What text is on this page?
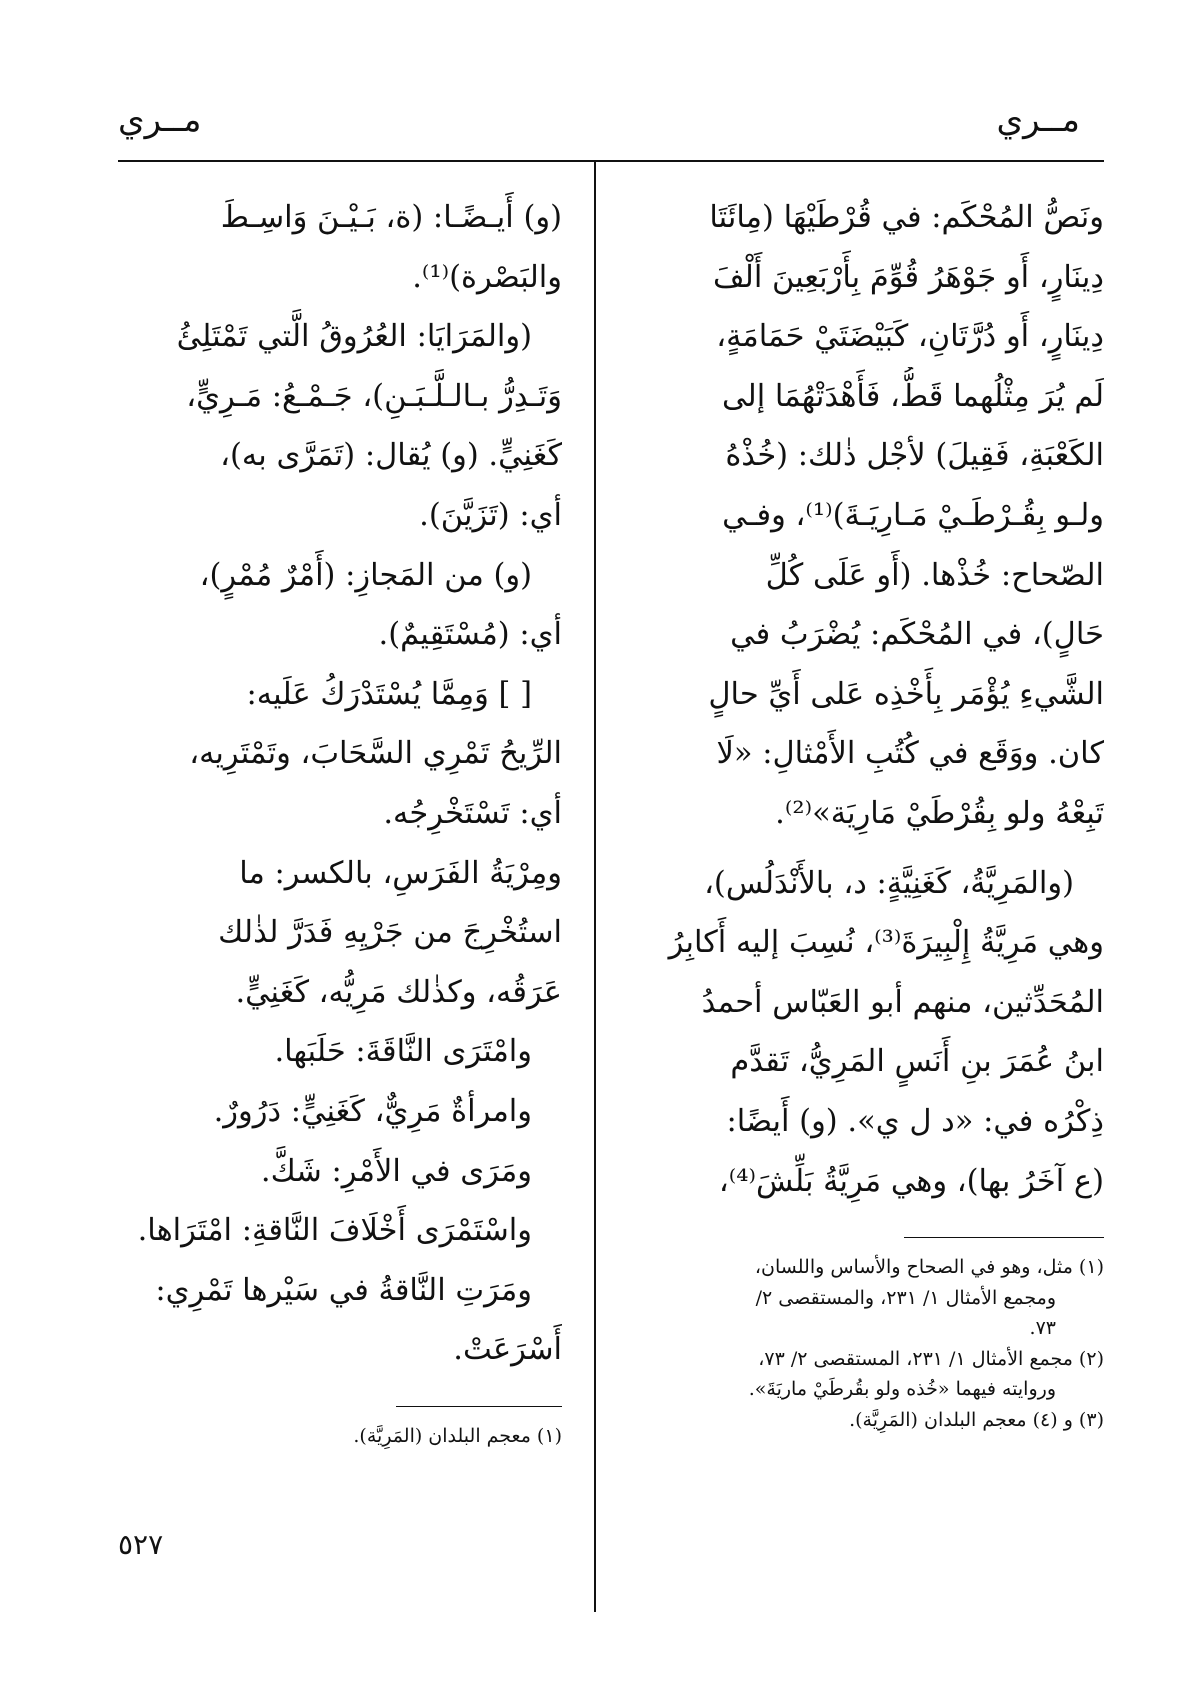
مــري
مــري
ونَصُّ المُحْكَم: في قُرْطَيْهَا (مِائَتَا
دِينَارٍ، أَو جَوْهَرُ قُوِّمَ بِأَرْبَعِينَ أَلْفَ
دِينَارٍ، أَو دُرَّتَانِ، كَبَيْضَتَيْ حَمَامَةٍ،
لَم يُرَ مِثْلُهما قَطُّ، فَأَهْدَتْهُمَا إلى
الكَعْبَةِ، فَقِيلَ) لأجْل ذٰلك: (خُذْهُ
ولـو بِقُـرْطَـيْ مَـارِيَـةَ)⁽¹⁾، وفـي
الصّحاح: خُذْها. (أَو عَلَى كُلِّ
حَالٍ)، في المُحْكَم: يُضْرَبُ في
الشَّيءِ يُؤْمَر بِأَخْذِه عَلى أَيِّ حالٍ
كان. ووَقَع في كُتُبِ الأَمْثالِ: «لَا
تَبِعْهُ ولو بِقُرْطَيْ مَارِيَة»⁽²⁾.
(والمَرِيَّةُ، كَغَنِيَّةٍ: د، بالأَنْدَلُس)،
وهي مَرِيَّةُ إِلْبِيرَةَ⁽³⁾، نُسِبَ إليه أَكابِرُ
المُحَدِّثين، منهم أبو العَبّاس أحمدُ
ابنُ عُمَرَ بنِ أَنَسٍ المَرِيُّ، تَقدَّم
ذِكْرُه في: «د ل ي». (و) أَيضًا:
(ع آخَرُ بها)، وهي مَرِيَّةُ بَلِّشَ⁽⁴⁾،
(١) مثل، وهو في الصحاح والأساس واللسان،
ومجمع الأمثال ١/ ٢٣١، والمستقصى ٢/
٧٣.
(٢) مجمع الأمثال ١/ ٢٣١، المستقصى ٢/ ٧٣،
وروايته فيهما «خُذه ولو بقُرطَيْ ماريَةَ».
(٣) و (٤) معجم البلدان (المَرِيَّة).
(و) أَيـضًـا: (ة، بَـيْـنَ وَاسِـطَ
والبَصْرة)⁽¹⁾.
(والمَرَايَا: العُرُوقُ الَّتي تَمْتَلِئُ
وَتَـدِرُّ بـالـلَّـبَـنِ)، جَـمْـعُ: مَـرِيٍّ،
كَغَنِيٍّ. (و) يُقال: (تَمَرَّى به)،
أي: (تَزَيَّنَ).
(و) من المَجازِ: (أَمْرٌ مُمْرٍ)،
أي: (مُسْتَقِيمٌ).
[ ] وَمِمَّا يُسْتَدْرَكُ عَلَيه:
الرِّيحُ تَمْرِي السَّحَابَ، وتَمْتَرِيه،
أي: تَسْتَخْرِجُه.
ومِرْيَةُ الفَرَسِ، بالكسر: ما
استُخْرِجَ من جَرْيِهِ فَدَرَّ لذٰلك
عَرَقُه، وكذٰلك مَرِيُّه، كَغَنِيٍّ.
وامْتَرَى النَّاقَةَ: حَلَبَها.
وامرأةٌ مَرِيٌّ، كَغَنِيٍّ: دَرُورٌ.
ومَرَى في الأَمْرِ: شَكَّ.
واسْتَمْرَى أَخْلَافَ النَّاقةِ: امْتَرَاها.
ومَرَتِ النَّاقةُ في سَيْرها تَمْرِي:
أَسْرَعَتْ.
(١) معجم البلدان (المَرِيَّة).
٥٢٧
